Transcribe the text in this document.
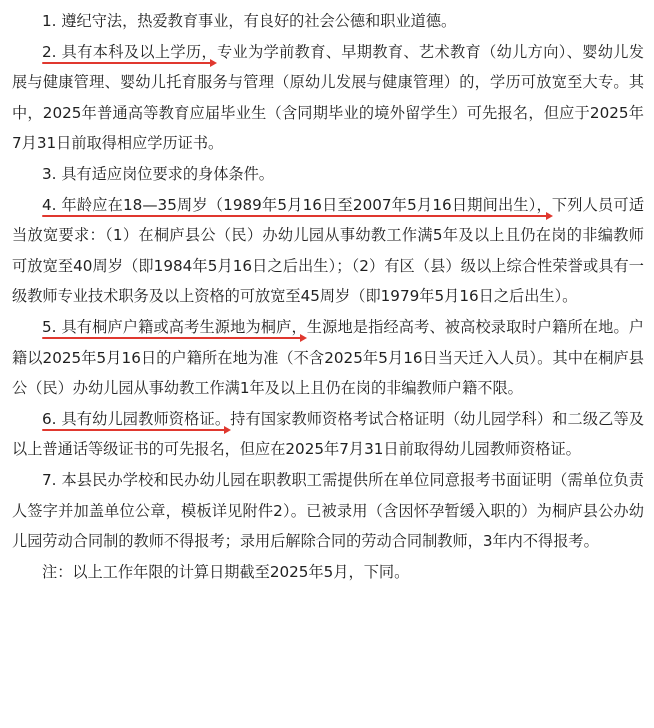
1. 遵纪守法，热爱教育事业，有良好的社会公德和职业道德。

2. 具有本科及以上学历，专业为学前教育、早期教育、艺术教育（幼儿方向）、婴幼儿发展与健康管理、婴幼儿托育服务与管理（原幼儿发展与健康管理）的，学历可放宽至大专。其中，2025年普通高等教育应届毕业生（含同期毕业的境外留学生）可先报名，但应于2025年7月31日前取得相应学历证书。

3. 具有适应岗位要求的身体条件。

4. 年龄应在18—35周岁（1989年5月16日至2007年5月16日期间出生），下列人员可适当放宽要求：（1）在桐庐县公（民）办幼儿园从事幼教工作满5年及以上且仍在岗的非编教师可放宽至40周岁（即1984年5月16日之后出生）；（2）有区（县）级以上综合性荣誉或具有一级教师专业技术职务及以上资格的可放宽至45周岁（即1979年5月16日之后出生）。

5. 具有桐庐户籍或高考生源地为桐庐，生源地是指经高考、被高校录取时户籍所在地。户籍以2025年5月16日的户籍所在地为准（不含2025年5月16日当天迁入人员）。其中在桐庐县公（民）办幼儿园从事幼教工作满1年及以上且仍在岗的非编教师户籍不限。

6. 具有幼儿园教师资格证。持有国家教师资格考试合格证明（幼儿园学科）和二级乙等及以上普通话等级证书的可先报名，但应在2025年7月31日前取得幼儿园教师资格证。

7. 本县民办学校和民办幼儿园在职教职工需提供所在单位同意报考书面证明（需单位负责人签字并加盖单位公章，模板详见附件2）。已被录用（含因怀孕暂缓入职的）为桐庐县公办幼儿园劳动合同制的教师不得报考；录用后解除合同的劳动合同制教师，3年内不得报考。

注：以上工作年限的计算日期截至2025年5月，下同。
